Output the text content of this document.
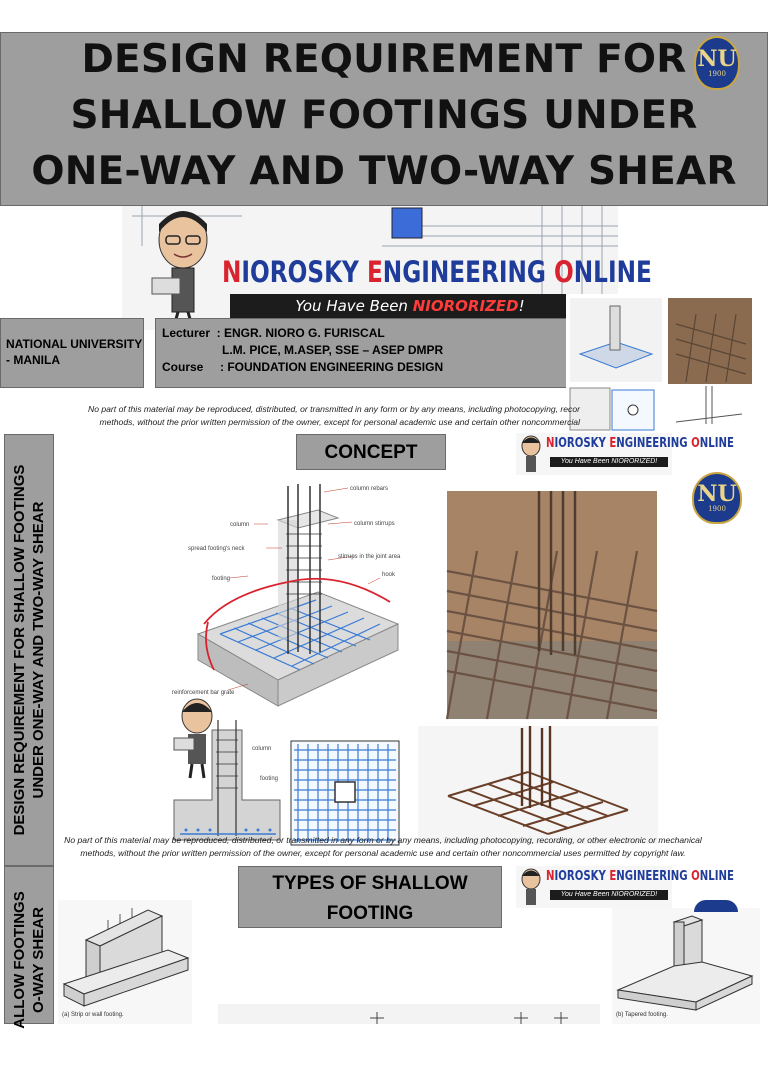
DESIGN REQUIREMENT FOR
SHALLOW FOOTINGS UNDER
ONE-WAY AND TWO-WAY SHEAR
NU
1900
NIOROSKY ENGINEERING ONLINE
You Have Been NIORORIZED!
NATIONAL UNIVERSITY
- MANILA
Lecturer  : ENGR. NIORO G. FURISCAL
L.M. PICE, M.ASEP, SSE – ASEP DMPR
Course     : FOUNDATION ENGINEERING DESIGN
No part of this material may be reproduced, distributed, or transmitted in any form or by any means, including photocopying, recor
methods, without the prior written permission of the owner, except for personal academic use and certain other noncommercial
DESIGN REQUIREMENT FOR SHALLOW FOOTINGS UNDER ONE-WAY AND TWO-WAY SHEAR
CONCEPT	NIOROSKY ENGINEERING ONLINE
You Have Been NIORORIZED!
NU
1900
column rebars
column	column stirrups
spread footing's neck
stirrups in the joint area
footing
hook
reinforcement bar grate
column
footing
No part of this material may be reproduced, distributed, or transmitted in any form or by any means, including photocopying, recording, or other electronic or mechanical
methods, without the prior written permission of the owner, except for personal academic use and certain other noncommercial uses permitted by copyright law.
ALLOW FOOTINGS O-WAY SHEAR
TYPES OF SHALLOW
FOOTING
NIOROSKY ENGINEERING ONLINE
You Have Been NIORORIZED!
(a) Strip or wall footing.	(b) Tapered footing.
